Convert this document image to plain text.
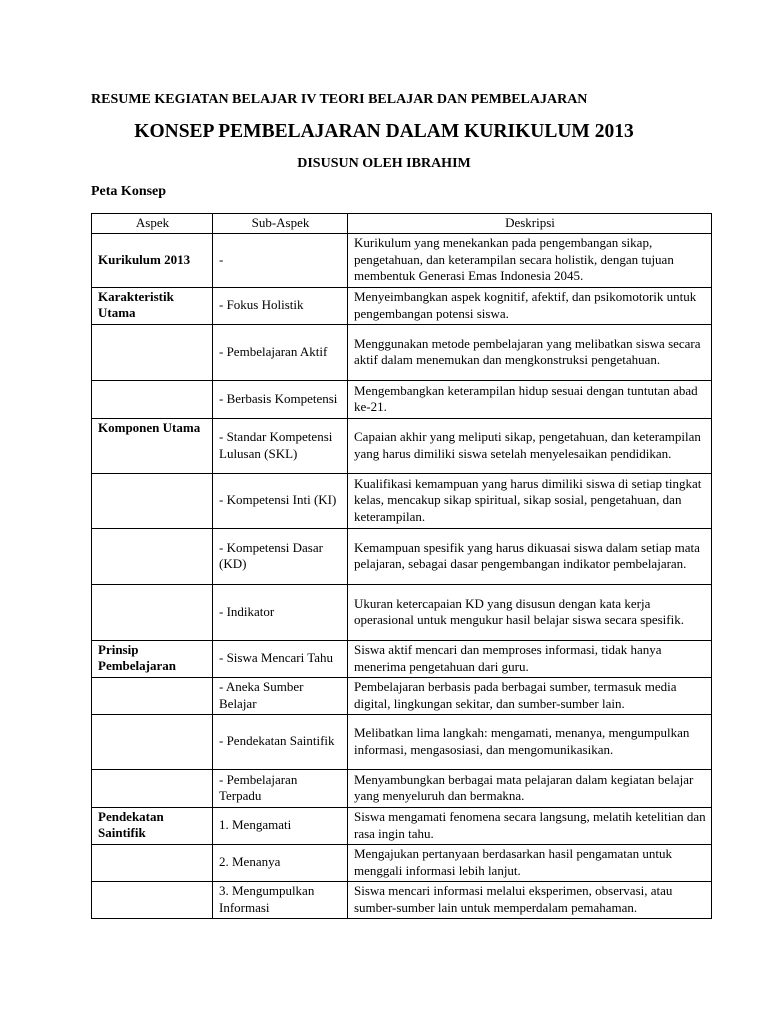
RESUME KEGIATAN BELAJAR IV TEORI BELAJAR DAN PEMBELAJARAN
KONSEP PEMBELAJARAN DALAM KURIKULUM 2013
DISUSUN OLEH IBRAHIM
Peta Konsep
Aspek	Sub-Aspek	Deskripsi
Kurikulum 2013	-	Kurikulum yang menekankan pada pengembangan sikap, pengetahuan, dan keterampilan secara holistik, dengan tujuan membentuk Generasi Emas Indonesia 2045.
Karakteristik Utama	- Fokus Holistik	Menyeimbangkan aspek kognitif, afektif, dan psikomotorik untuk pengembangan potensi siswa.
	- Pembelajaran Aktif	Menggunakan metode pembelajaran yang melibatkan siswa secara aktif dalam menemukan dan mengkonstruksi pengetahuan.
	- Berbasis Kompetensi	Mengembangkan keterampilan hidup sesuai dengan tuntutan abad ke-21.
Komponen Utama	- Standar Kompetensi Lulusan (SKL)	Capaian akhir yang meliputi sikap, pengetahuan, dan keterampilan yang harus dimiliki siswa setelah menyelesaikan pendidikan.
	- Kompetensi Inti (KI)	Kualifikasi kemampuan yang harus dimiliki siswa di setiap tingkat kelas, mencakup sikap spiritual, sikap sosial, pengetahuan, dan keterampilan.
	- Kompetensi Dasar (KD)	Kemampuan spesifik yang harus dikuasai siswa dalam setiap mata pelajaran, sebagai dasar pengembangan indikator pembelajaran.
	- Indikator	Ukuran ketercapaian KD yang disusun dengan kata kerja operasional untuk mengukur hasil belajar siswa secara spesifik.
Prinsip Pembelajaran	- Siswa Mencari Tahu	Siswa aktif mencari dan memproses informasi, tidak hanya menerima pengetahuan dari guru.
	- Aneka Sumber Belajar	Pembelajaran berbasis pada berbagai sumber, termasuk media digital, lingkungan sekitar, dan sumber-sumber lain.
	- Pendekatan Saintifik	Melibatkan lima langkah: mengamati, menanya, mengumpulkan informasi, mengasosiasi, dan mengomunikasikan.
	- Pembelajaran Terpadu	Menyambungkan berbagai mata pelajaran dalam kegiatan belajar yang menyeluruh dan bermakna.
Pendekatan Saintifik	1. Mengamati	Siswa mengamati fenomena secara langsung, melatih ketelitian dan rasa ingin tahu.
	2. Menanya	Mengajukan pertanyaan berdasarkan hasil pengamatan untuk menggali informasi lebih lanjut.
	3. Mengumpulkan Informasi	Siswa mencari informasi melalui eksperimen, observasi, atau sumber-sumber lain untuk memperdalam pemahaman.
